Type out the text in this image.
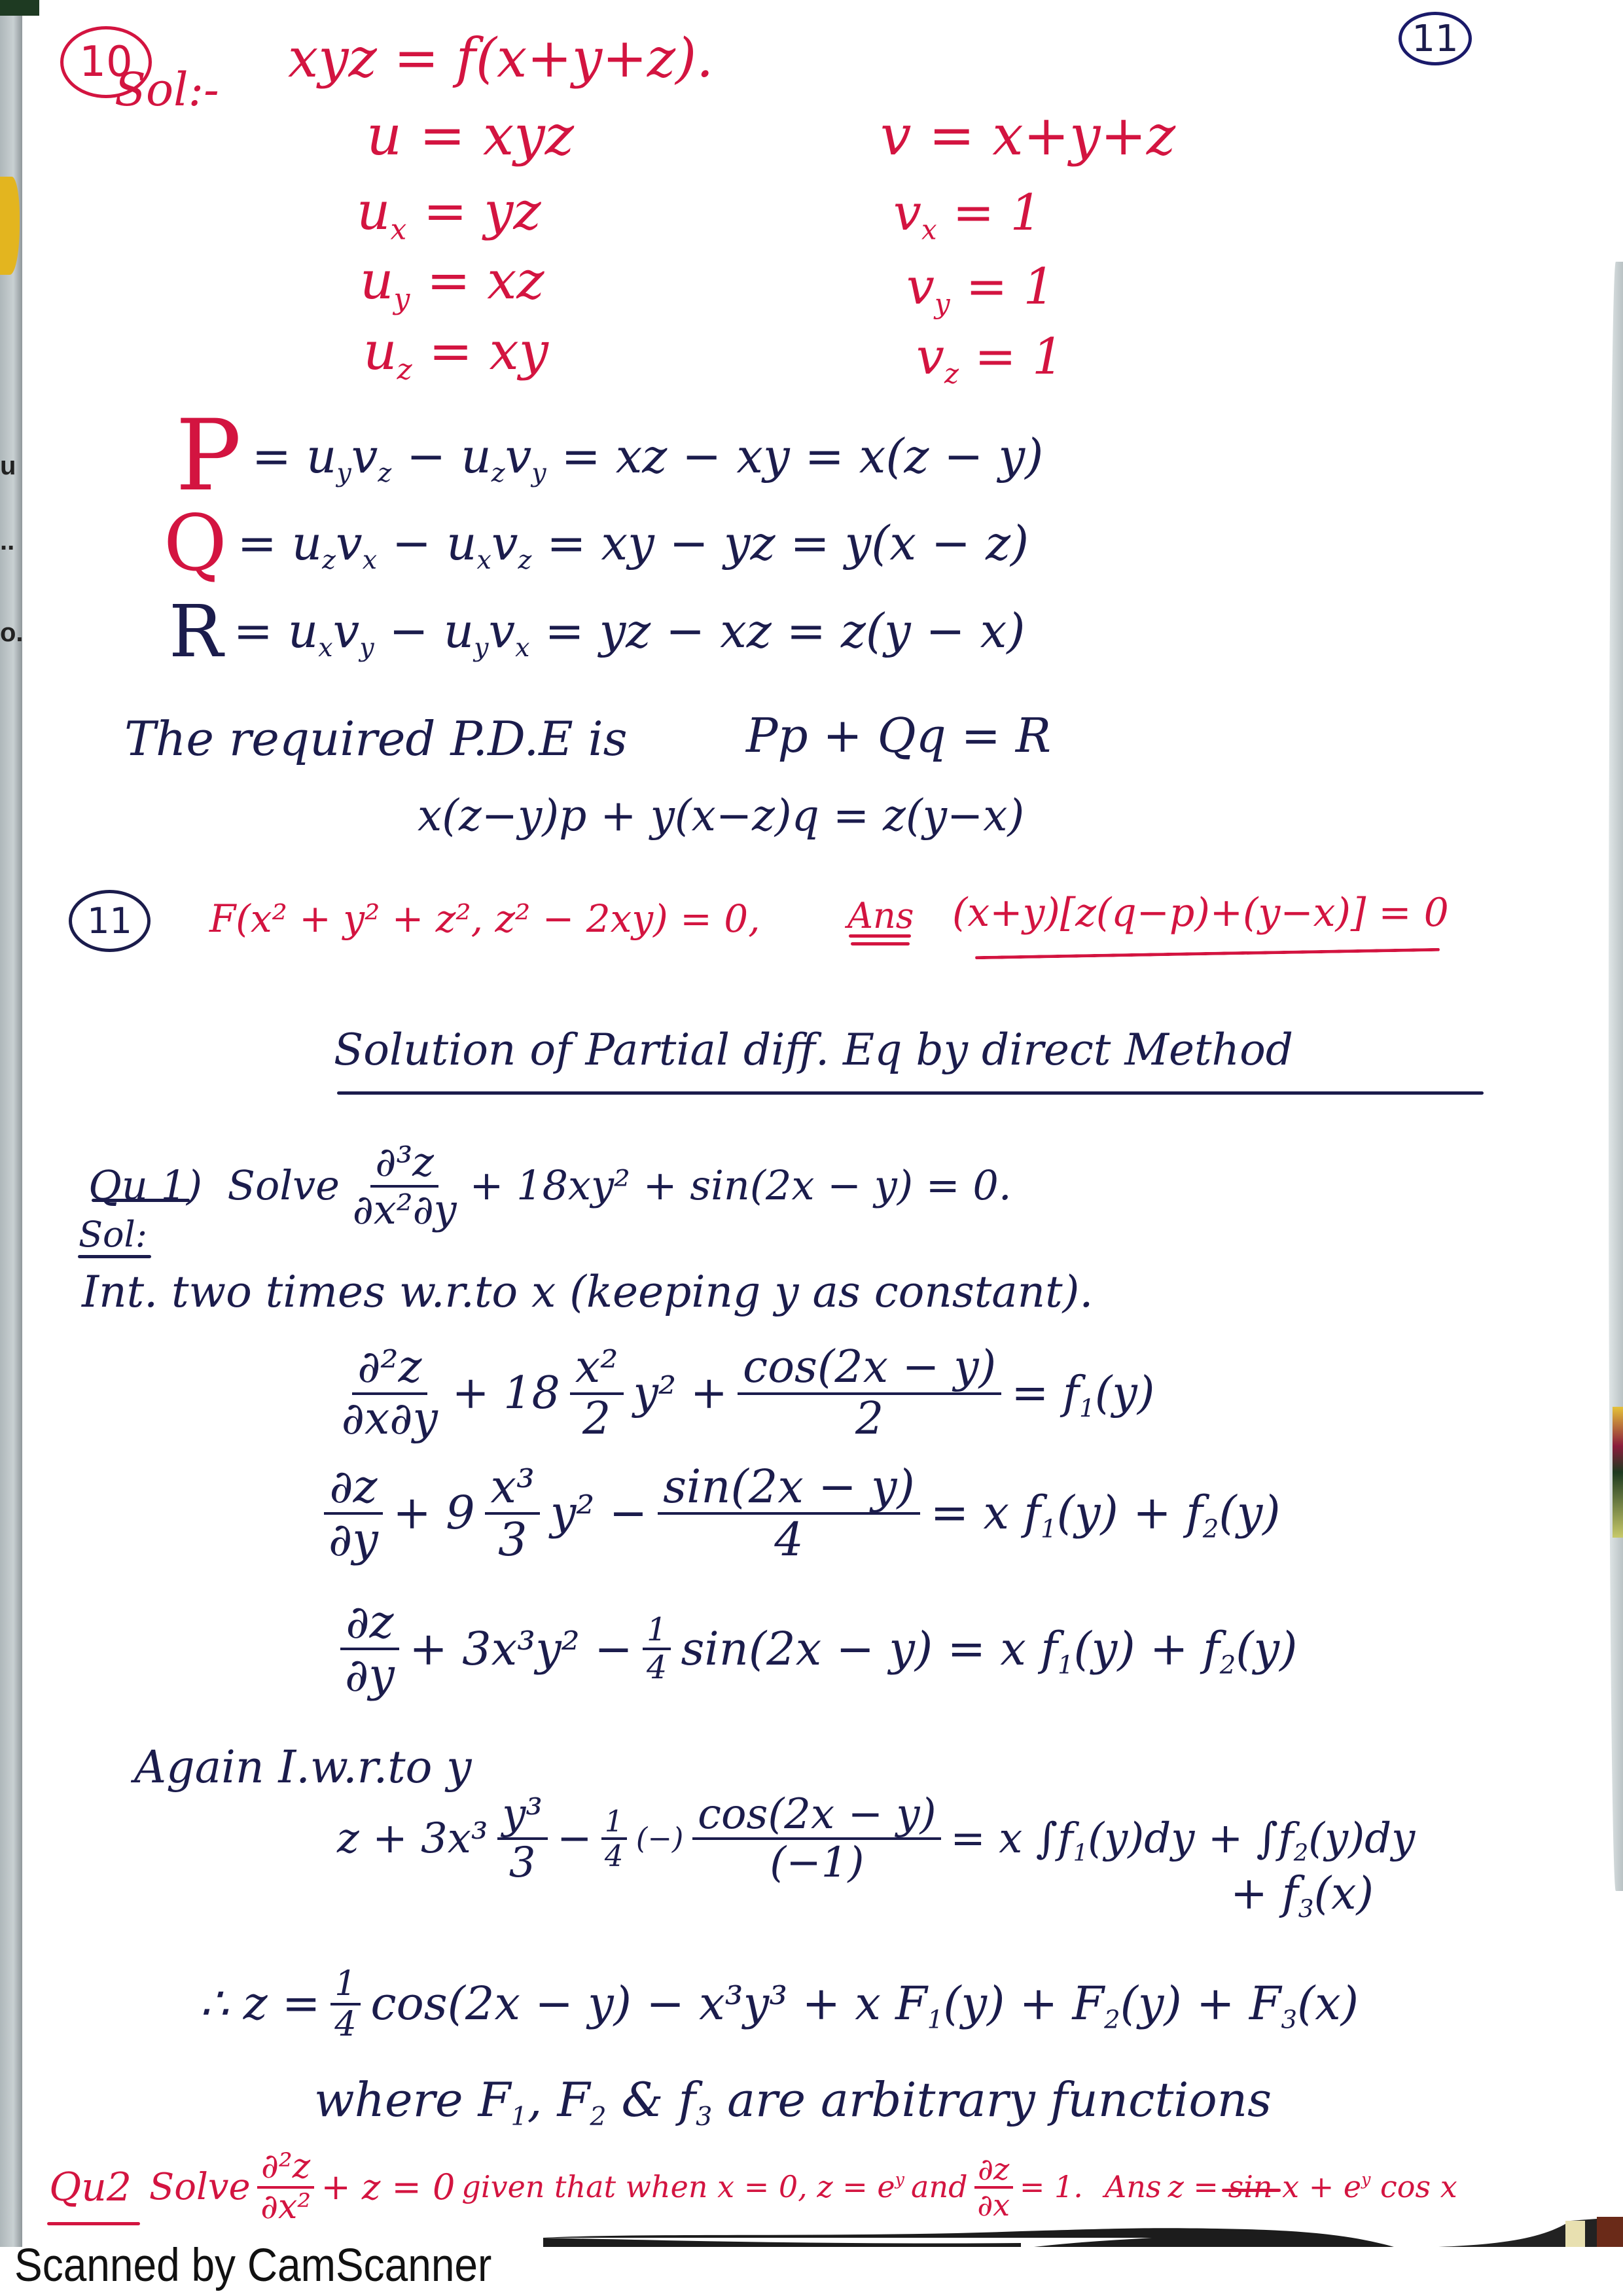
u
..
o.
10	xyz = f(x+y+z).	11
Sol:-
u = xyz
$u_x$ = yz
$u_y$ = xz
$u_z$ = xy
v = x+y+z
$v_x = 1$
$v_y = 1$
$v_z = 1$
$P = u_yv_z - u_zv_y$ = xz − xy = x(z − y)
$Q = u_zv_x - u_xv_z$ = xy − yz = y(x − z)
$R = u_xv_y - u_yv_x$ = yz − xz = z(y − x)
The required P.D.E is	Pp + Qq = R
x(z−y)p + y(x−z)q = z(y−x)
11 F(x² + y² + z², z² − 2xy) = 0, Ans (x+y)[z(q−p)+(y−x)] = 0
Solution of Partial diff. Eq by direct Method
Qu 1) Solve $\frac{\text{∂³z}}{\text{∂x²∂y}} + 18xy^2 + \sin(2x - y) = 0$.
Sol:
Int. two times w.r.to x (keeping y as constant).
$\frac{\text{∂²z}}{\partial x\partial y} + 18 \frac{\text{x²}}{2} y^2 + \frac{\cos(2x - y)}{2} = f_1(y)$
$\frac{\partial z}{\partial y} + 9 \frac{\text{x³}}{3} y^2 - \frac{\sin(2x - y)}{4} = x$ $f_1(y) + f_2(y)$
$\frac{\partial z}{\partial y} + 3x^3y^2 - \frac{1}{4} \sin(2x - y) = x$ $f_1(y) + f_2(y)$
Again I.w.r.to y
$z + 3x^3 \frac{\text{y³}}{3} - \frac{1}{4}$ (−) $\frac{\cos(2x - y)}{(-1)} = x$ $\int f_1(y)dy + \int f_2(y)dy$
+ $f_3(x)$
∴ $z = \frac{1}{4} \cos(2x - y) - x^3y^3 + x$ $F_1(y) + F_2(y) + F_3(x)$
where $F_1$, $F_2$ & $f_3$ are arbitrary functions
Qu2 Solve $\frac{\text{∂²z}}{\text{∂x²}} + z = 0$ given that when x = 0, $z = e^y$ and $\frac{\partial z}{\partial x} = 1$. Ans $z = \sin x + e^y$ cos x
Scanned by CamScanner
